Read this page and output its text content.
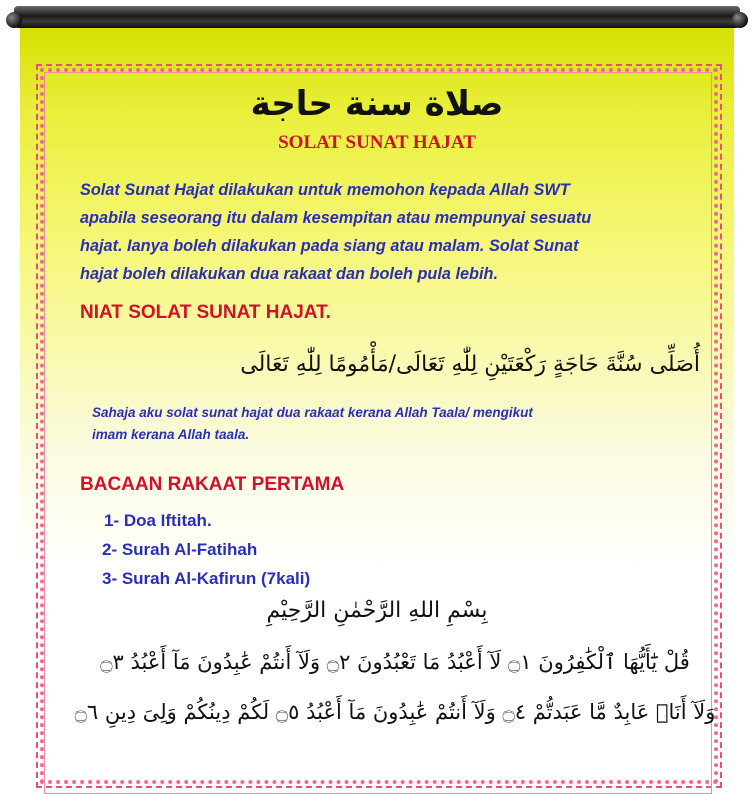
صلاة سنة حاجة
SOLAT SUNAT HAJAT
Solat Sunat Hajat dilakukan untuk memohon kepada Allah SWT
apabila seseorang itu dalam kesempitan atau mempunyai sesuatu
hajat. Ianya boleh dilakukan pada siang atau malam. Solat Sunat
hajat boleh dilakukan dua rakaat dan boleh pula lebih.
NIAT SOLAT SUNAT HAJAT.
أُصَلِّى سُنَّةَ حَاجَةٍ رَكْعَتَيْنِ لِلّٰهِ تَعَالَى/مَأْمُومًا لِلّٰهِ تَعَالَى
Sahaja aku solat sunat hajat dua rakaat kerana Allah Taala/ mengikut
imam kerana Allah taala.
BACAAN RAKAAT PERTAMA
1- Doa Iftitah.
2- Surah Al-Fatihah
3- Surah Al-Kafirun (7kali)
بِسْمِ اللهِ الرَّحْمٰنِ الرَّحِيْمِ
قُلْ يَٰٓأَيُّهَا ٱلْكَٰفِرُونَ ۝١ لَآ أَعْبُدُ مَا تَعْبُدُونَ ۝٢ وَلَآ أَنتُمْ عَٰبِدُونَ مَآ أَعْبُدُ ۝٣
وَلَآ أَنَا۠ عَابِدٌ مَّا عَبَدتُّمْ ۝٤ وَلَآ أَنتُمْ عَٰبِدُونَ مَآ أَعْبُدُ ۝٥ لَكُمْ دِينُكُمْ وَلِىَ دِينِ ۝٦
